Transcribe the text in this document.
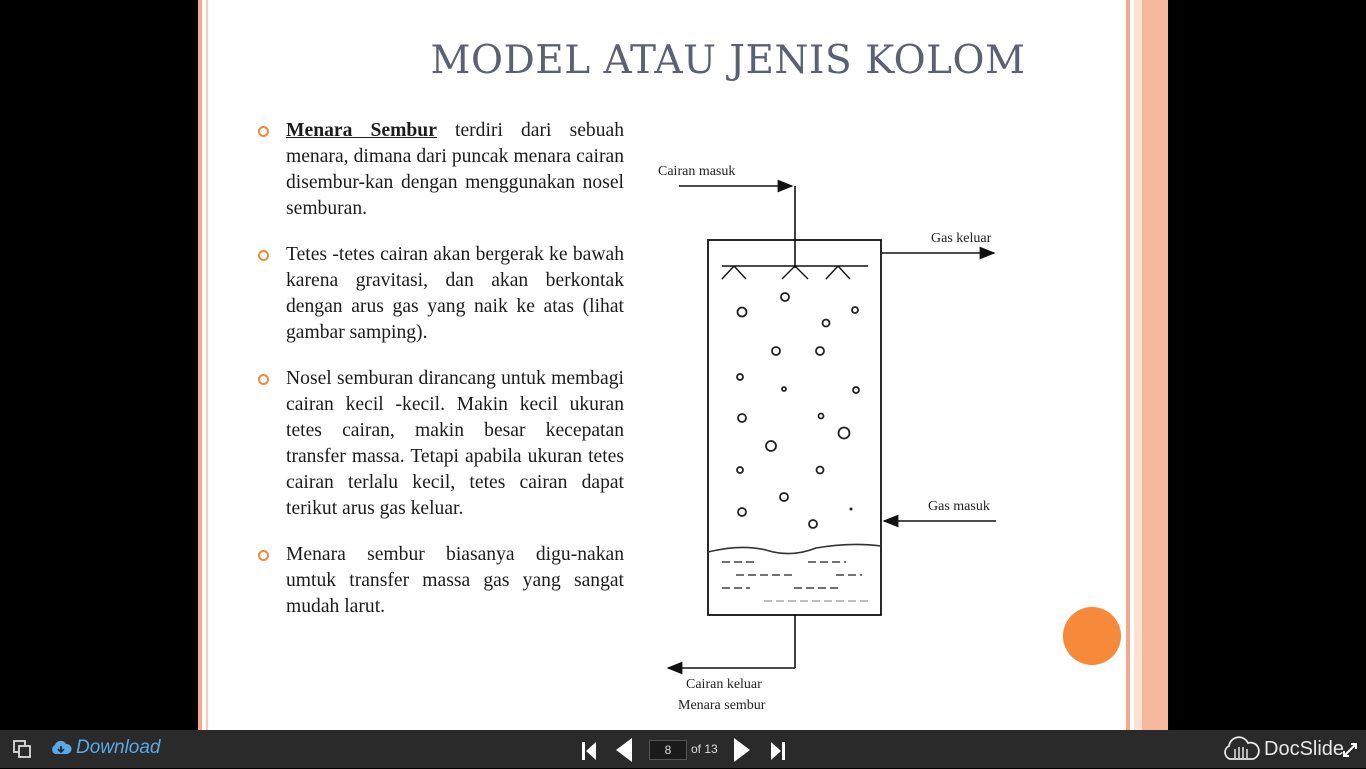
MODEL ATAU JENIS KOLOM
Menara Sembur terdiri dari sebuah menara, dimana dari puncak menara cairan disembur-kan dengan menggunakan nosel semburan.
Tetes -tetes cairan akan bergerak ke bawah karena gravitasi, dan akan berkontak dengan arus gas yang naik ke atas (lihat gambar samping).
Nosel semburan dirancang untuk membagi cairan kecil -kecil. Makin kecil ukuran tetes cairan, makin besar kecepatan transfer massa. Tetapi apabila ukuran tetes cairan terlalu kecil, tetes cairan dapat terikut arus gas keluar.
Menara sembur biasanya digu-nakan umtuk transfer massa gas yang sangat mudah larut.
Cairan masuk
Gas keluar
Gas masuk
Cairan keluar
Menara sembur
Download	8	of 13	DocSlide
